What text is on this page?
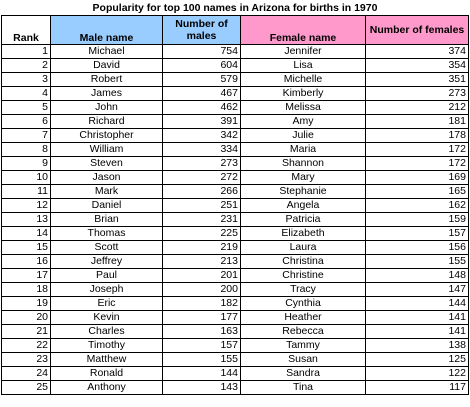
Popularity for top 100 names in Arizona for births in 1970
Rank	Male name	Number of males	Female name	Number of females
1	Michael	754	Jennifer	374
2	David	604	Lisa	354
3	Robert	579	Michelle	351
4	James	467	Kimberly	273
5	John	462	Melissa	212
6	Richard	391	Amy	181
7	Christopher	342	Julie	178
8	William	334	Maria	172
9	Steven	273	Shannon	172
10	Jason	272	Mary	169
11	Mark	266	Stephanie	165
12	Daniel	251	Angela	162
13	Brian	231	Patricia	159
14	Thomas	225	Elizabeth	157
15	Scott	219	Laura	156
16	Jeffrey	213	Christina	155
17	Paul	201	Christine	148
18	Joseph	200	Tracy	147
19	Eric	182	Cynthia	144
20	Kevin	177	Heather	141
21	Charles	163	Rebecca	141
22	Timothy	157	Tammy	138
23	Matthew	155	Susan	125
24	Ronald	144	Sandra	122
25	Anthony	143	Tina	117
